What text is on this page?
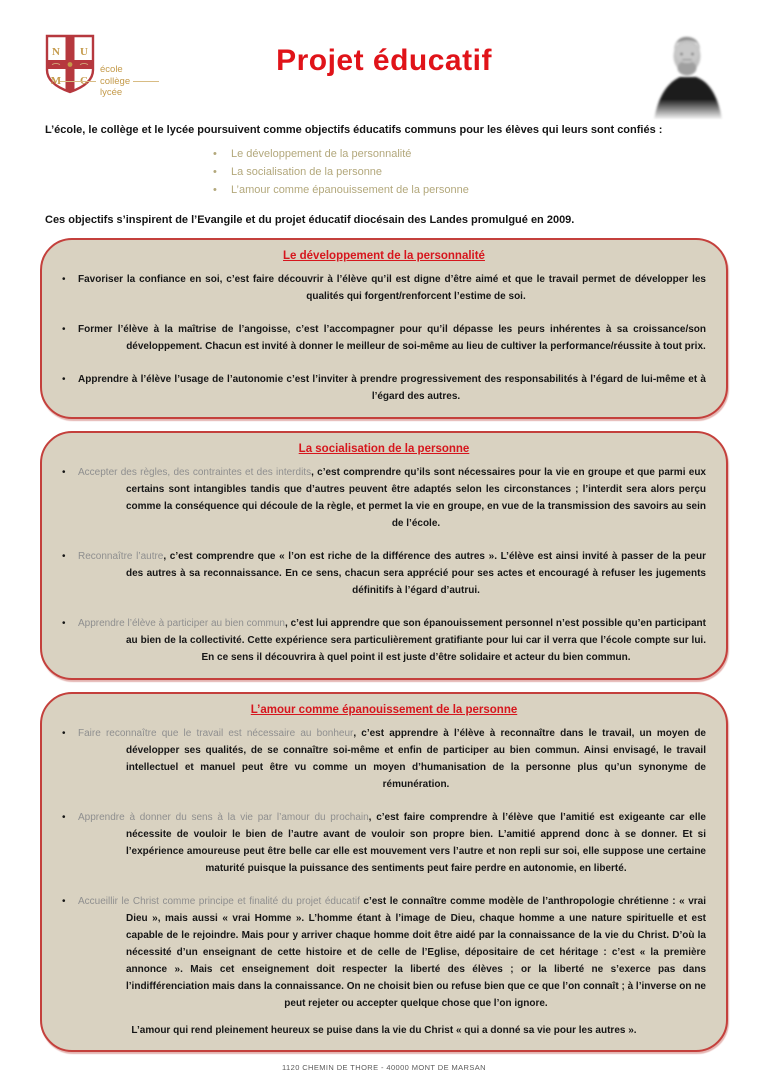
N U
M C
école
collège
lycée
Projet éducatif
L’école, le collège et le lycée poursuivent comme objectifs éducatifs communs pour les élèves qui leurs sont confiés :
•
Le développement de la personnalité
•
La socialisation de la personne
•
L’amour comme épanouissement de la personne
Ces objectifs s’inspirent de l’Evangile et du projet éducatif diocésain des Landes promulgué en 2009.
Le développement de la personnalité
•
Favoriser la confiance en soi, c’est faire découvrir à l’élève qu’il est digne d’être aimé et que le travail permet de développer les qualités qui forgent/renforcent l’estime de soi.
•
Former l’élève à la maîtrise de l’angoisse, c’est l’accompagner pour qu’il dépasse les peurs inhérentes à sa croissance/son développement. Chacun est invité à donner le meilleur de soi-même au lieu de cultiver la performance/réussite à tout prix.
•
Apprendre à l’élève l’usage de l’autonomie c’est l’inviter à prendre progressivement des responsabilités à l’égard de lui-même et à l’égard des autres.
La socialisation de la personne
•
Accepter des règles, des contraintes et des interdits, c’est comprendre qu’ils sont nécessaires pour la vie en groupe et que parmi eux certains sont intangibles tandis que d’autres peuvent être adaptés selon les circonstances ; l’interdit sera alors perçu comme la conséquence qui découle de la règle, et permet la vie en groupe, en vue de la transmission des savoirs au sein de l’école.
•
Reconnaître l’autre, c’est comprendre que « l’on est riche de la différence des autres ». L’élève est ainsi invité à passer de la peur des autres à sa reconnaissance. En ce sens, chacun sera apprécié pour ses actes et encouragé à refuser les jugements définitifs à l’égard d’autrui.
•
Apprendre l’élève à participer au bien commun, c’est lui apprendre que son épanouissement personnel n’est possible qu’en participant au bien de la collectivité. Cette expérience sera particulièrement gratifiante pour lui car il verra que l’école compte sur lui. En ce sens il découvrira à quel point il est juste d’être solidaire et acteur du bien commun.
L’amour comme épanouissement de la personne
•
Faire reconnaître que le travail est nécessaire au bonheur, c’est apprendre à l’élève à reconnaître dans le travail, un moyen de développer ses qualités, de se connaître soi-même et enfin de participer au bien commun. Ainsi envisagé, le travail intellectuel et manuel peut être vu comme un moyen d’humanisation de la personne plus qu’un synonyme de rémunération.
•
Apprendre à donner du sens à la vie par l’amour du prochain, c’est faire comprendre à l’élève que l’amitié est exigeante car elle nécessite de vouloir le bien de l’autre avant de vouloir son propre bien. L’amitié apprend donc à se donner. Et si l’expérience amoureuse peut être belle car elle est mouvement vers l’autre et non repli sur soi, elle suppose une certaine maturité puisque la puissance des sentiments peut faire perdre en autonomie, en liberté.
•
Accueillir le Christ comme principe et finalité du projet éducatif c’est le connaître comme modèle de l’anthropologie chrétienne : « vrai Dieu », mais aussi « vrai Homme ». L’homme étant à l’image de Dieu, chaque homme a une nature spirituelle et est capable de le rejoindre. Mais pour y arriver chaque homme doit être aidé par la connaissance de la vie du Christ. D’où la nécessité d’un enseignant de cette histoire et de celle de l’Eglise, dépositaire de cet héritage : c’est « la première annonce ». Mais cet enseignement doit respecter la liberté des élèves ; or la liberté ne s’exerce pas dans l’indifférenciation mais dans la connaissance. On ne choisit bien ou refuse bien que ce que l’on connaît ; à l’inverse on ne peut rejeter ou accepter quelque chose que l’on ignore.
L’amour qui rend pleinement heureux se puise dans la vie du Christ « qui a donné sa vie pour les autres ».
1120 CHEMIN DE THORE - 40000 MONT DE MARSAN
